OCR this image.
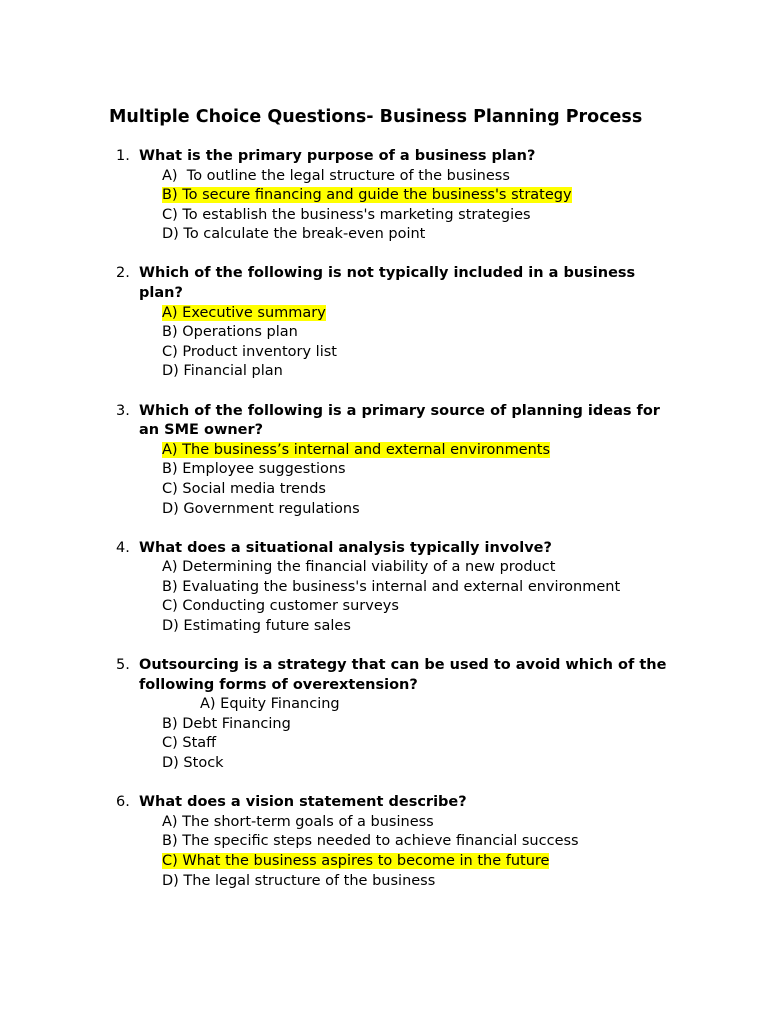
Multiple Choice Questions- Business Planning Process
1. What is the primary purpose of a business plan?
A)  To outline the legal structure of the business
B) To secure financing and guide the business's strategy
C) To establish the business's marketing strategies
D) To calculate the break-even point
2. Which of the following is not typically included in a business plan?
A) Executive summary
B) Operations plan
C) Product inventory list
D) Financial plan
3. Which of the following is a primary source of planning ideas for an SME owner?
A) The business’s internal and external environments
B) Employee suggestions
C) Social media trends
D) Government regulations
4. What does a situational analysis typically involve?
A) Determining the financial viability of a new product
B) Evaluating the business's internal and external environment
C) Conducting customer surveys
D) Estimating future sales
5. Outsourcing is a strategy that can be used to avoid which of the following forms of overextension?
A) Equity Financing
B) Debt Financing
C) Staff
D) Stock
6. What does a vision statement describe?
A) The short-term goals of a business
B) The specific steps needed to achieve financial success
C) What the business aspires to become in the future
D) The legal structure of the business
